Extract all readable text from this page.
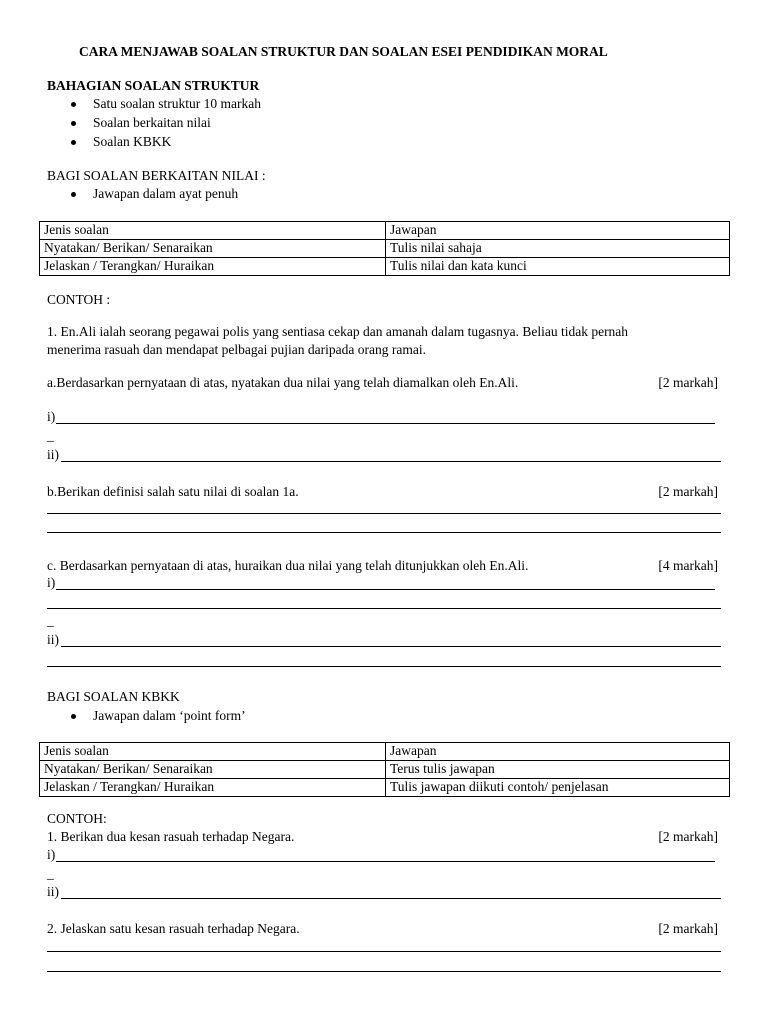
CARA MENJAWAB SOALAN STRUKTUR DAN SOALAN ESEI PENDIDIKAN MORAL
BAHAGIAN SOALAN STRUKTUR
Satu soalan struktur 10 markah
Soalan berkaitan nilai
Soalan KBKK
BAGI SOALAN BERKAITAN NILAI :
Jawapan dalam ayat penuh
Jenis soalan	Jawapan
Nyatakan/ Berikan/ Senaraikan	Tulis nilai sahaja
Jelaskan / Terangkan/ Huraikan	Tulis nilai dan kata kunci
CONTOH :
1. En.Ali ialah seorang pegawai polis yang sentiasa cekap dan amanah dalam tugasnya. Beliau tidak pernah
menerima rasuah dan mendapat pelbagai pujian daripada orang ramai.
a.Berdasarkan pernyataan di atas, nyatakan dua nilai yang telah diamalkan oleh En.Ali.	[2 markah]
i)
_
ii)
b.Berikan definisi salah satu nilai di soalan 1a.	[2 markah]
c. Berdasarkan pernyataan di atas, huraikan dua nilai yang telah ditunjukkan oleh En.Ali.	[4 markah]
i)
_
ii)
BAGI SOALAN KBKK
Jawapan dalam ‘point form’
Jenis soalan	Jawapan
Nyatakan/ Berikan/ Senaraikan	Terus tulis jawapan
Jelaskan / Terangkan/ Huraikan	Tulis jawapan diikuti contoh/ penjelasan
CONTOH:
1. Berikan dua kesan rasuah terhadap Negara.	[2 markah]
i)
_
ii)
2. Jelaskan satu kesan rasuah terhadap Negara.	[2 markah]
